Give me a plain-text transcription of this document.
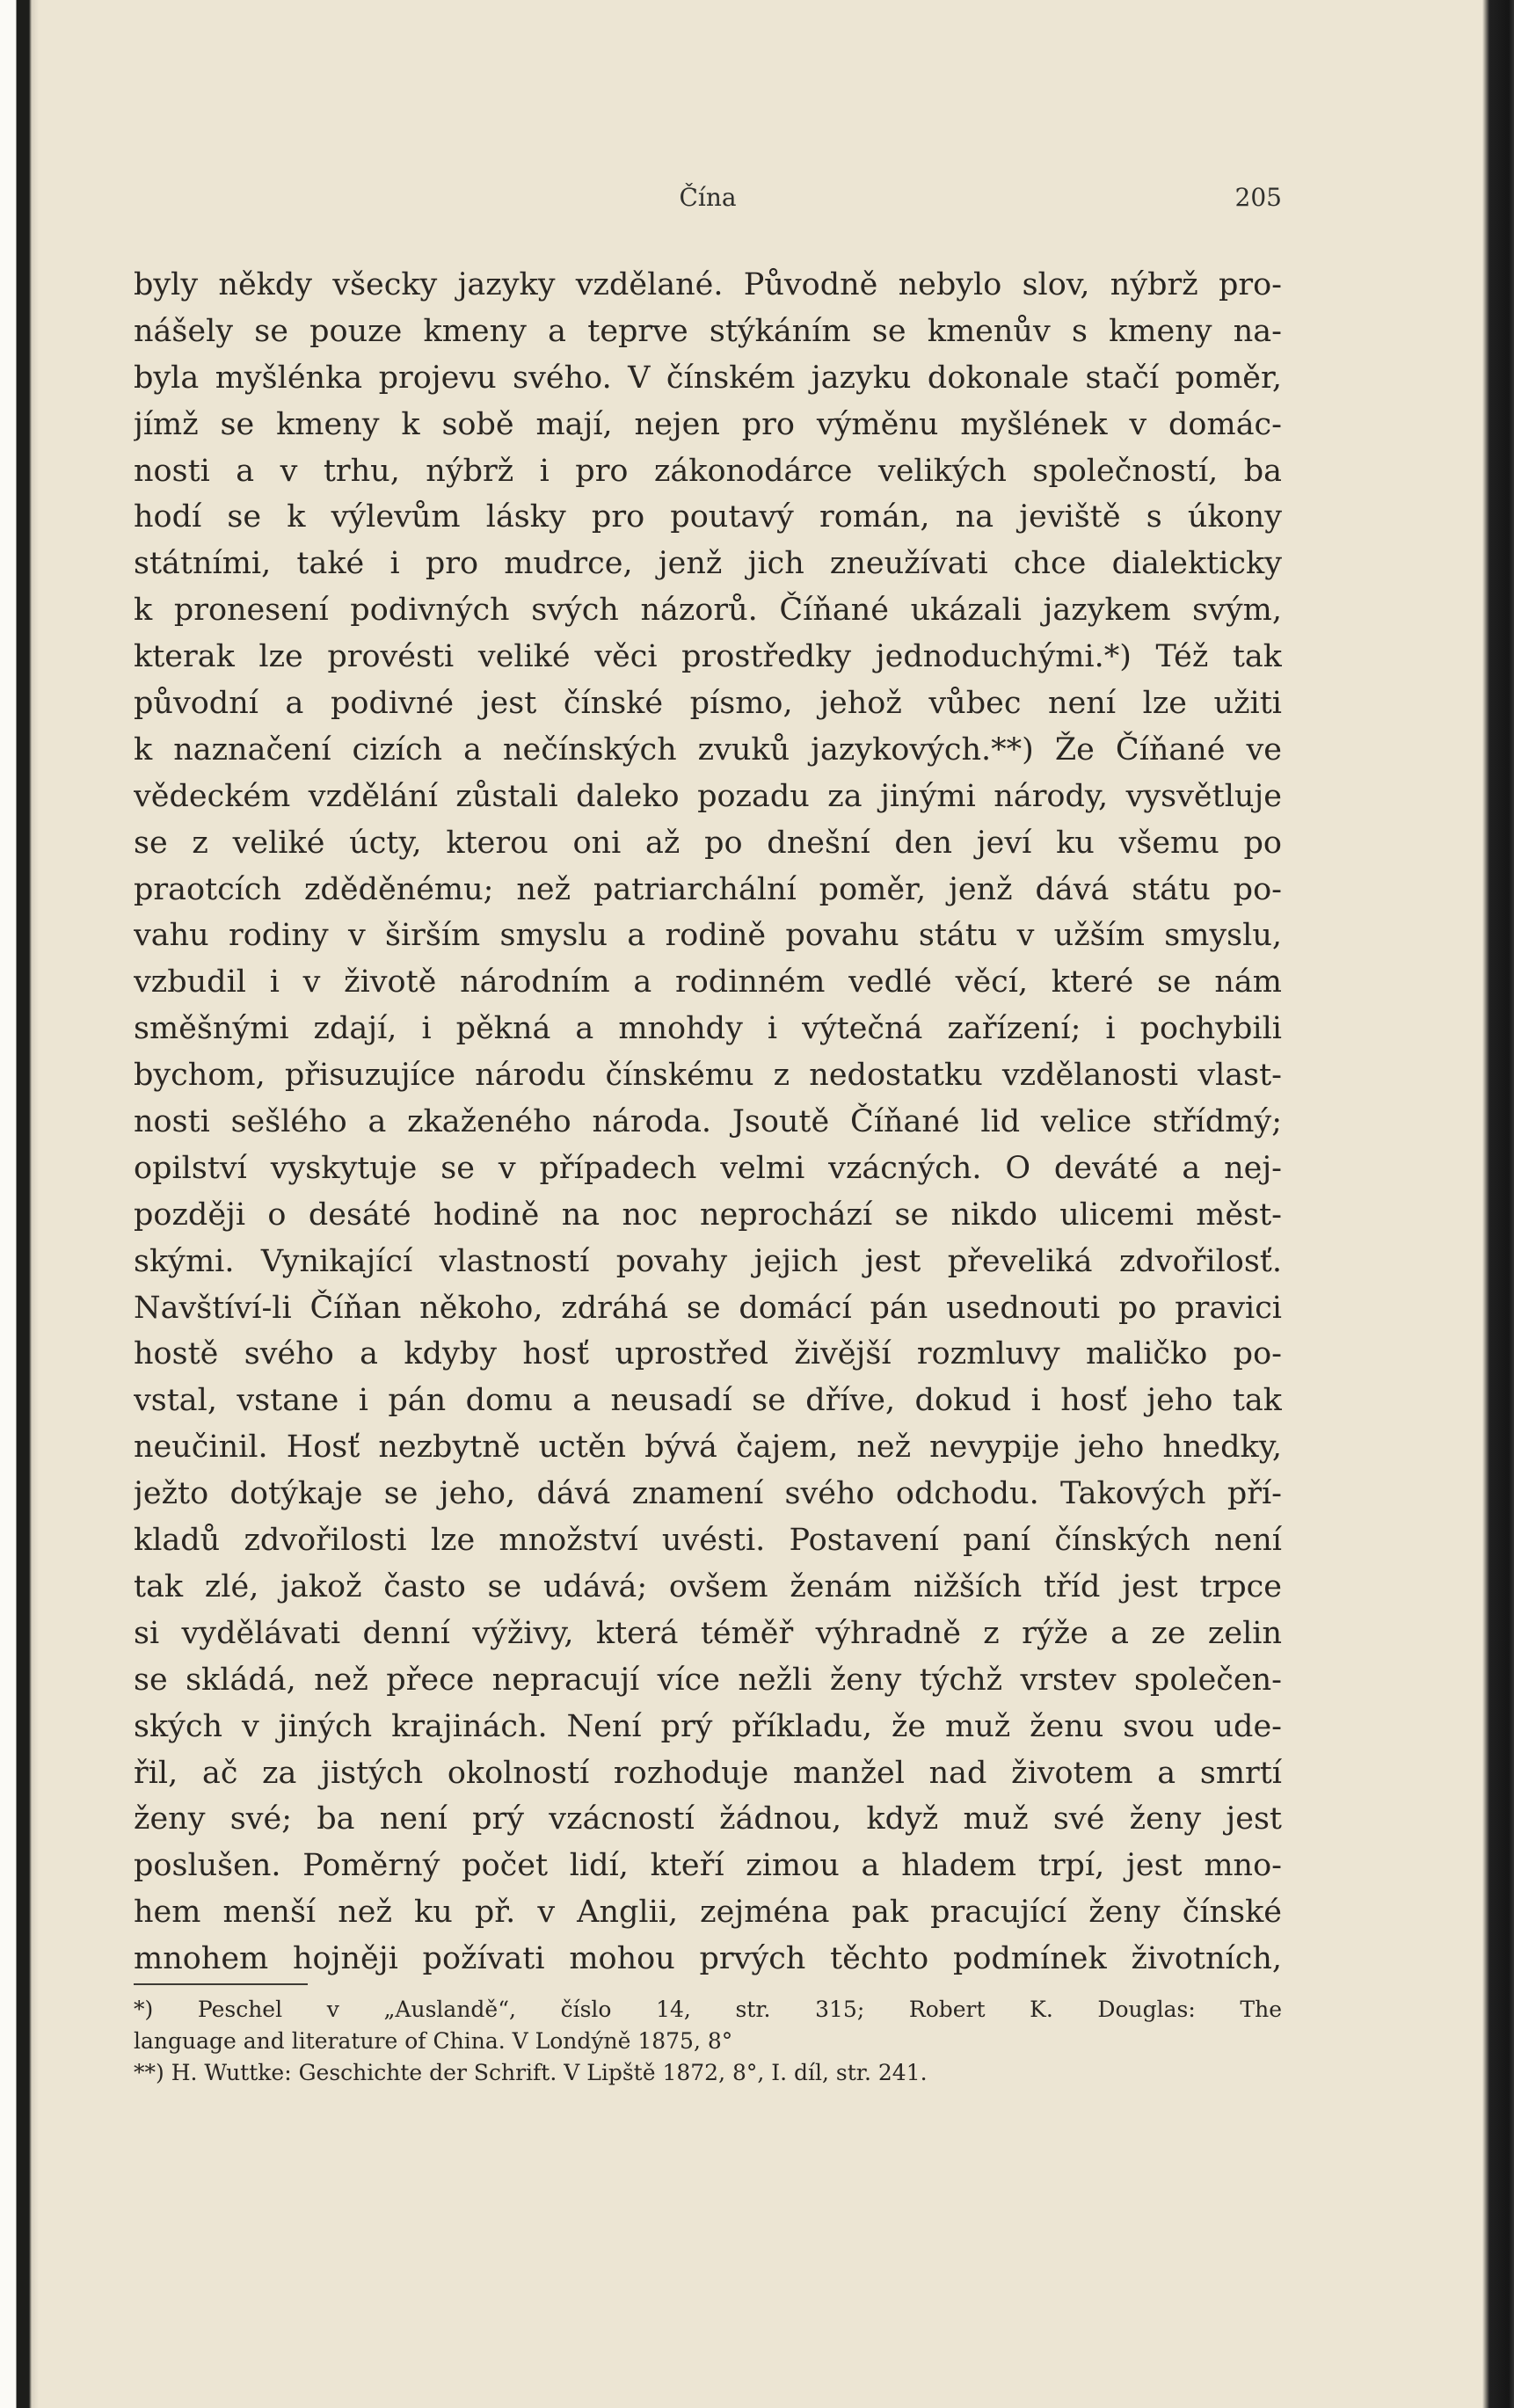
Čína	205
byly někdy všecky jazyky vzdělané. Původně nebylo slov, nýbrž pro-
nášely se pouze kmeny a teprve stýkáním se kmenův s kmeny na-
byla myšlénka projevu svého. V čínském jazyku dokonale stačí poměr,
jímž se kmeny k sobě mají, nejen pro výměnu myšlének v domác-
nosti a v trhu, nýbrž i pro zákonodárce velikých společností, ba
hodí se k výlevům lásky pro poutavý román, na jeviště s úkony
státními, také i pro mudrce, jenž jich zneužívati chce dialekticky
k pronesení podivných svých názorů. Číňané ukázali jazykem svým,
kterak lze provésti veliké věci prostředky jednoduchými.*) Též tak
původní a podivné jest čínské písmo, jehož vůbec není lze užiti
k naznačení cizích a nečínských zvuků jazykových.**) Že Číňané ve
vědeckém vzdělání zůstali daleko pozadu za jinými národy, vysvětluje
se z veliké úcty, kterou oni až po dnešní den jeví ku všemu po
praotcích zděděnému; než patriarchální poměr, jenž dává státu po-
vahu rodiny v širším smyslu a rodině povahu státu v užším smyslu,
vzbudil i v životě národním a rodinném vedlé věcí, které se nám
směšnými zdají, i pěkná a mnohdy i výtečná zařízení; i pochybili
bychom, přisuzujíce národu čínskému z nedostatku vzdělanosti vlast-
nosti sešlého a zkaženého národa. Jsoutě Číňané lid velice střídmý;
opilství vyskytuje se v případech velmi vzácných. O deváté a nej-
později o desáté hodině na noc neprochází se nikdo ulicemi měst-
skými. Vynikající vlastností povahy jejich jest převeliká zdvořilosť.
Navštíví-li Číňan někoho, zdráhá se domácí pán usednouti po pravici
hostě svého a kdyby hosť uprostřed živější rozmluvy maličko po-
vstal, vstane i pán domu a neusadí se dříve, dokud i hosť jeho tak
neučinil. Hosť nezbytně uctěn bývá čajem, než nevypije jeho hnedky,
ježto dotýkaje se jeho, dává znamení svého odchodu. Takových pří-
kladů zdvořilosti lze množství uvésti. Postavení paní čínských není
tak zlé, jakož často se udává; ovšem ženám nižších tříd jest trpce
si vydělávati denní výživy, která téměř výhradně z rýže a ze zelin
se skládá, než přece nepracují více nežli ženy týchž vrstev společen-
ských v jiných krajinách. Není prý příkladu, že muž ženu svou ude-
řil, ač za jistých okolností rozhoduje manžel nad životem a smrtí
ženy své; ba není prý vzácností žádnou, když muž své ženy jest
poslušen. Poměrný počet lidí, kteří zimou a hladem trpí, jest mno-
hem menší než ku př. v Anglii, zejména pak pracující ženy čínské
mnohem hojněji požívati mohou prvých těchto podmínek životních,
*) Peschel v „Auslandě“, číslo 14, str. 315; Robert K. Douglas: The
language and literature of China. V Londýně 1875, 8°
**) H. Wuttke: Geschichte der Schrift. V Lipště 1872, 8°, I. díl, str. 241.
